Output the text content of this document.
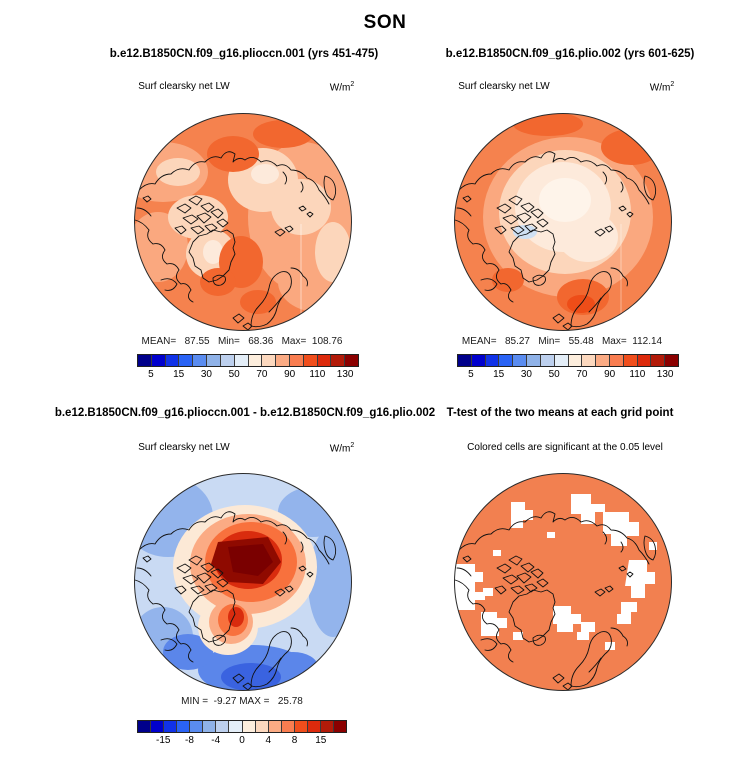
SON
b.e12.B1850CN.f09_g16.plioccn.001 (yrs 451-475)	b.e12.B1850CN.f09_g16.plio.002 (yrs 601-625)
Surf clearsky net LW	$W/m^2$	Surf clearsky net LW	$W/m^2$
MEAN=   87.55   Min=   68.36   Max=  108.76	MEAN=   85.27   Min=   55.48   Max=  112.14
5 15 30 50 70 90 110 130	5 15 30 50 70 90 110 130
b.e12.B1850CN.f09_g16.plioccn.001 - b.e12.B1850CN.f09_g16.plio.002 T-test of the two means at each grid point
Surf clearsky net LW	$W/m^2$	Colored cells are significant at the 0.05 level
MIN =  -9.27 MAX =   25.78
-15 -8 -4 0 4 8 15
